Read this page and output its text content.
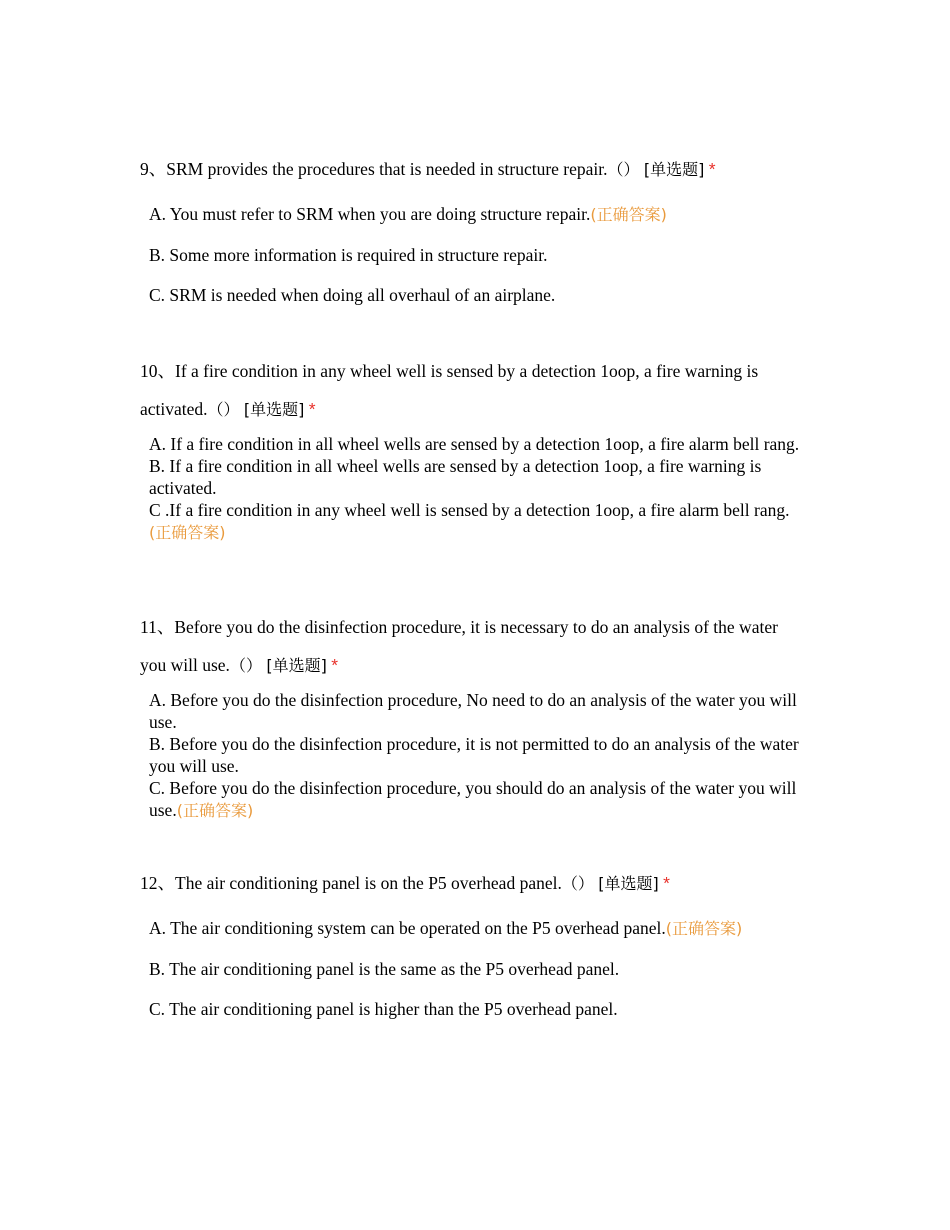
9、SRM provides the procedures that is needed in structure repair.（） [单选题] *

A. You must refer to SRM when you are doing structure repair.(正确答案)
B. Some more information is required in structure repair.
C. SRM is needed when doing all overhaul of an airplane.

10、If a fire condition in any wheel well is sensed by a detection 1oop, a fire warning is activated.（） [单选题] *

A. If a fire condition in all wheel wells are sensed by a detection 1oop, a fire alarm bell rang.
B. If a fire condition in all wheel wells are sensed by a detection 1oop, a fire warning is activated.
C .If a fire condition in any wheel well is sensed by a detection 1oop, a fire alarm bell rang.(正确答案)

11、Before you do the disinfection procedure, it is necessary to do an analysis of the water you will use.（） [单选题] *

A. Before you do the disinfection procedure, No need to do an analysis of the water you will use.
B. Before you do the disinfection procedure, it is not permitted to do an analysis of the water you will use.
C. Before you do the disinfection procedure, you should do an analysis of the water you will use.(正确答案)

12、The air conditioning panel is on the P5 overhead panel.（） [单选题] *

A. The air conditioning system can be operated on the P5 overhead panel.(正确答案)
B. The air conditioning panel is the same as the P5 overhead panel.
C. The air conditioning panel is higher than the P5 overhead panel.
